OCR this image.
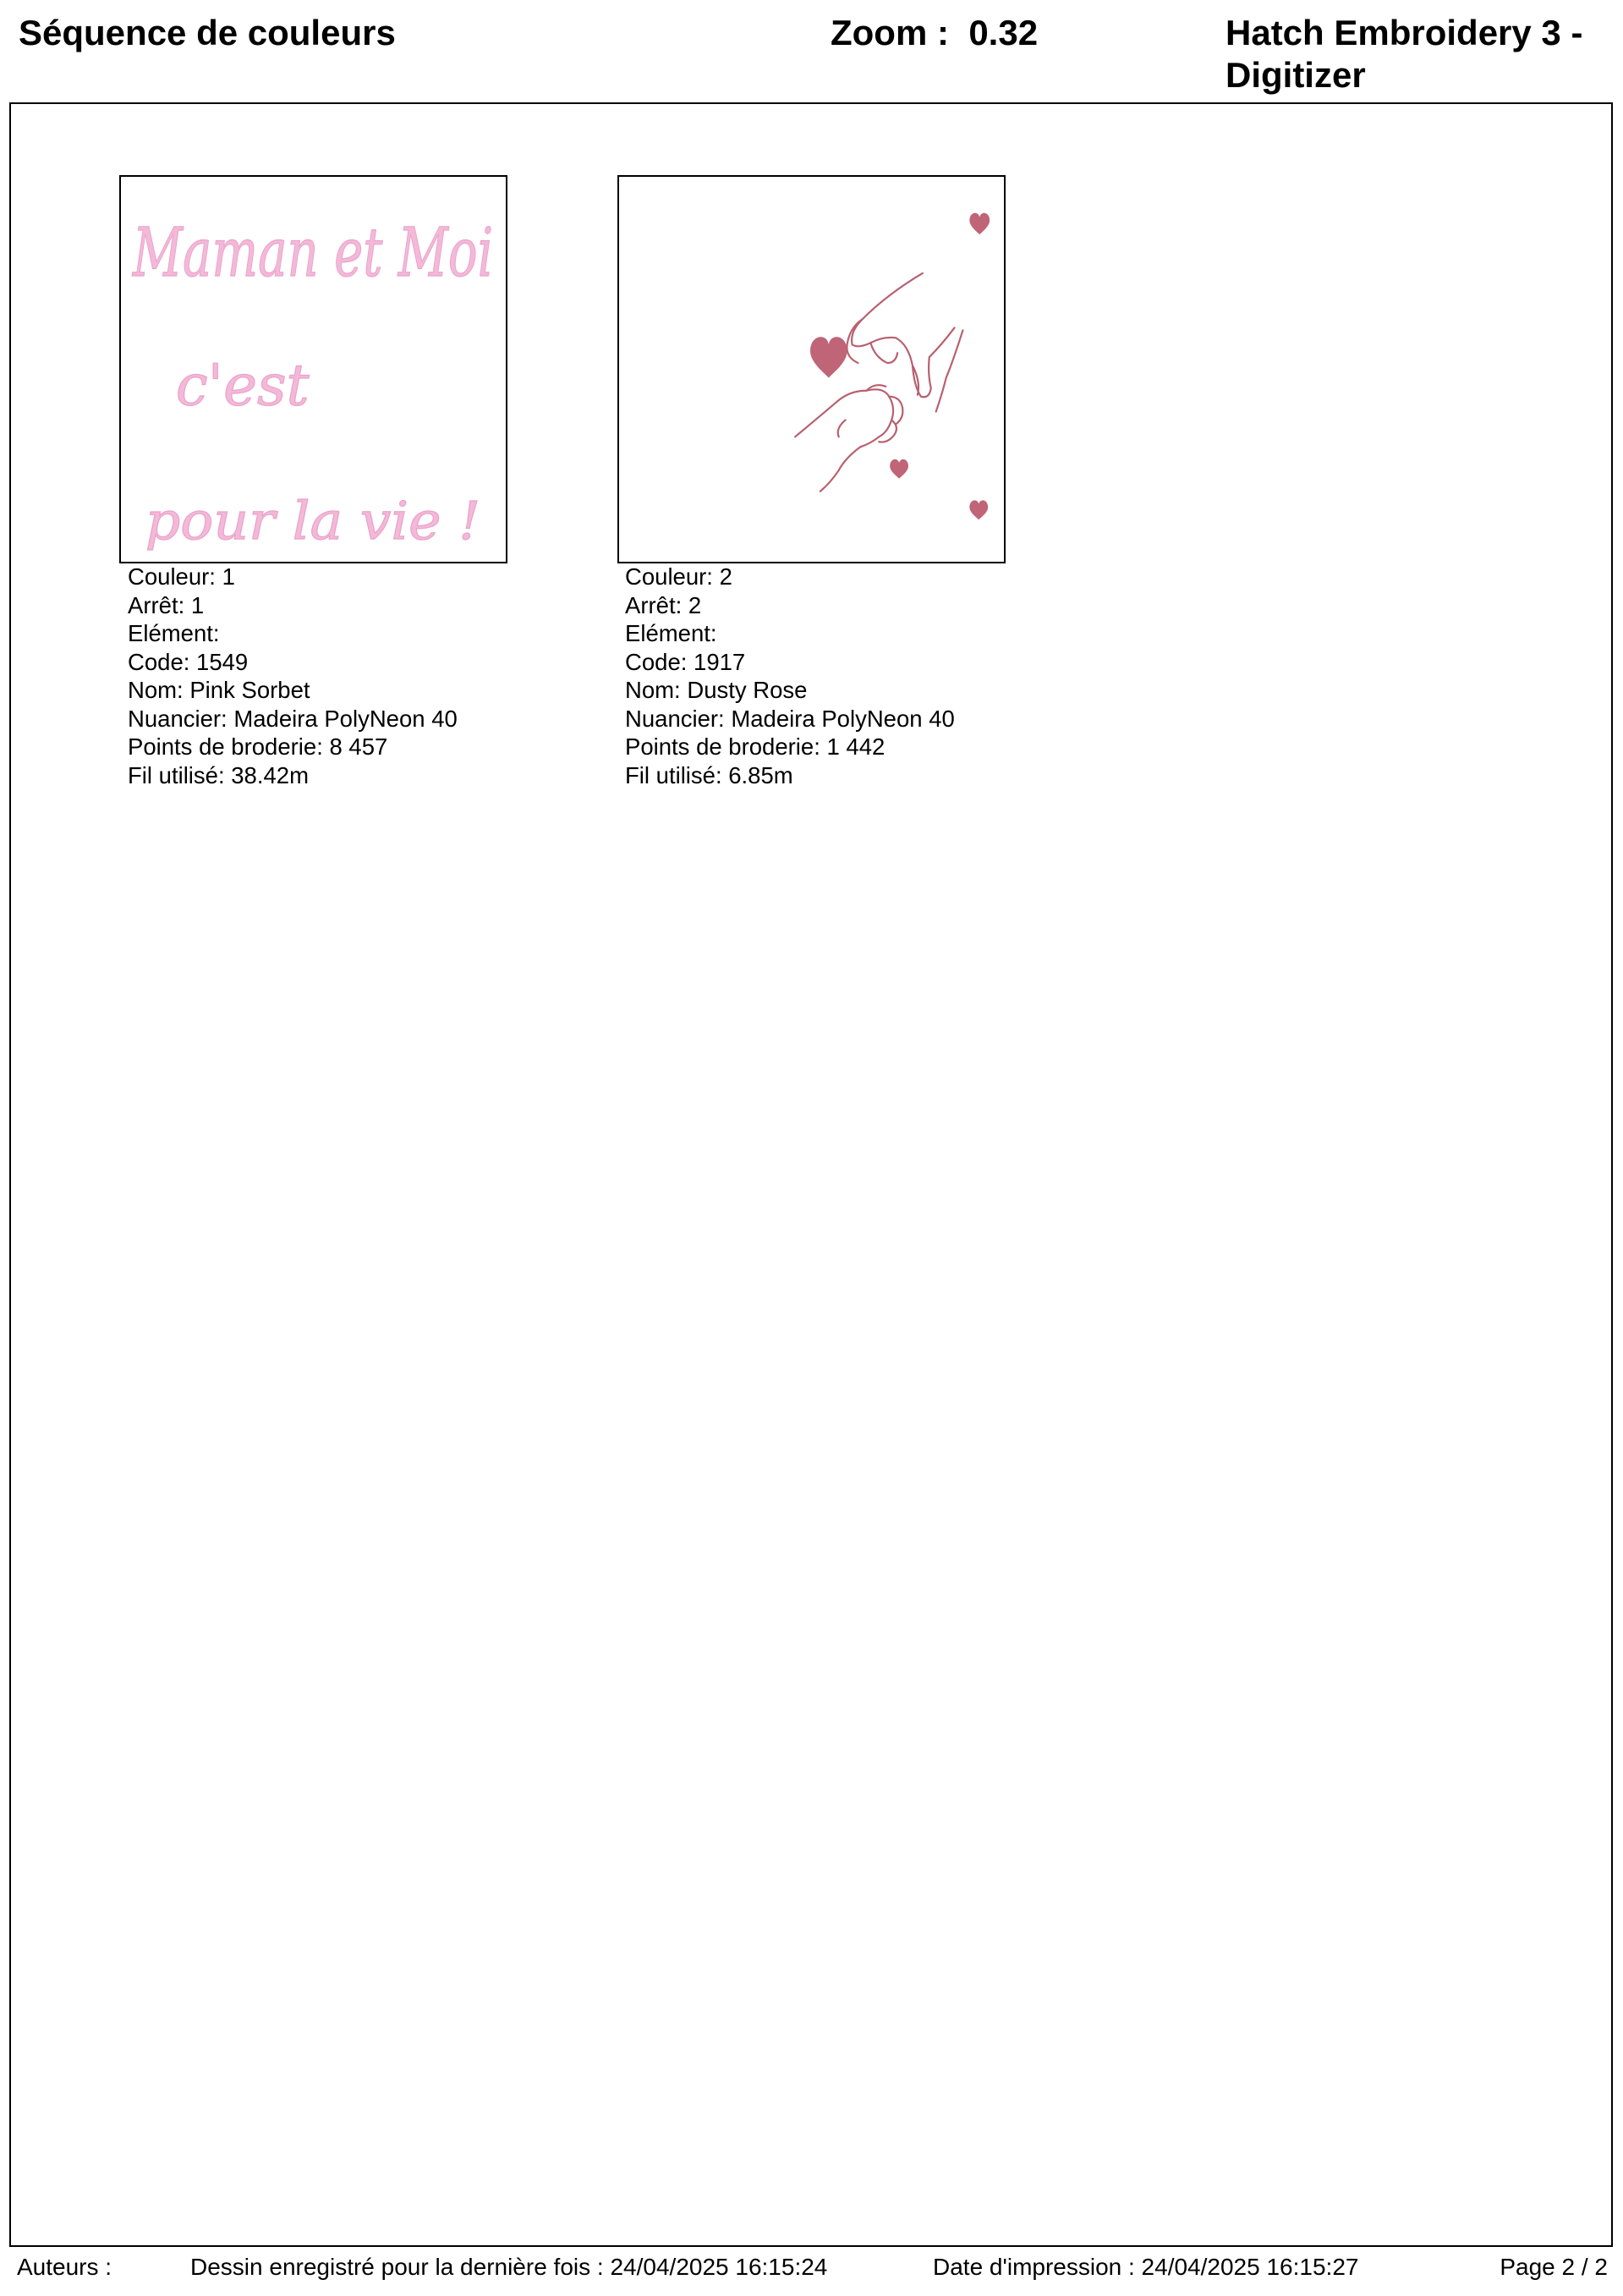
Séquence de couleurs	Zoom : 0.32	Hatch Embroidery 3 - Digitizer
Maman et Moi
c'est
pour la vie !
Couleur: 1
Arrêt: 1
Elément:
Code: 1549
Nom: Pink Sorbet
Nuancier: Madeira PolyNeon 40
Points de broderie: 8 457
Fil utilisé: 38.42m
Couleur: 2
Arrêt: 2
Elément:
Code: 1917
Nom: Dusty Rose
Nuancier: Madeira PolyNeon 40
Points de broderie: 1 442
Fil utilisé: 6.85m
Auteurs :	Dessin enregistré pour la dernière fois : 24/04/2025 16:15:24	Date d'impression : 24/04/2025 16:15:27	Page 2 / 2
